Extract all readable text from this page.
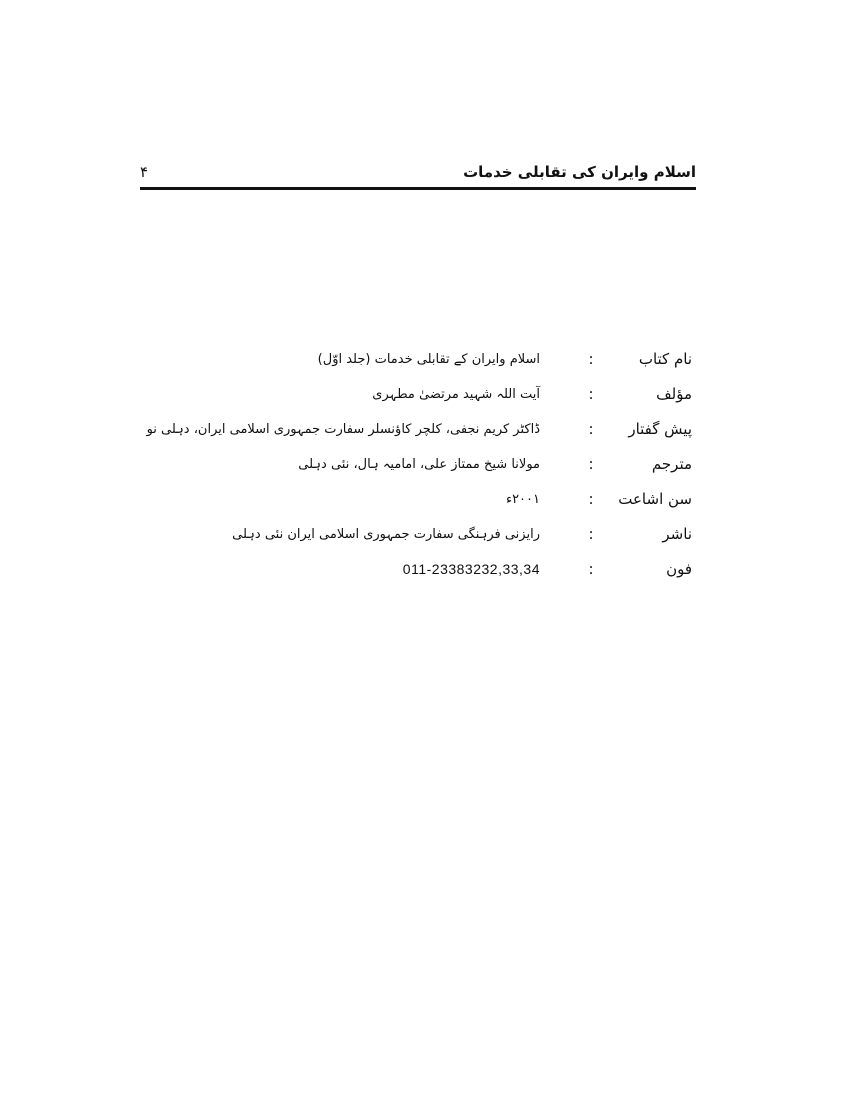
اسلام وایران کی تقابلی خدمات
۴
نام کتاب
:
اسلام وایران کے تقابلی خدمات (جلد اوّل)
مؤلف
:
آیت اللہ شہید مرتضیٰ مطہری
پیش گفتار
:
ڈاکٹر کریم نجفی، کلچر کاؤنسلر سفارت جمہوری اسلامی ایران، دہلی نو
مترجم
:
مولانا شیخ ممتاز علی، امامیہ ہال، نئی دہلی
سن اشاعت
:
۲۰۰۱ء
ناشر
:
رایزنی فرہنگی سفارت جمہوری اسلامی ایران نئی دہلی
فون
:
011-23383232,33,34
